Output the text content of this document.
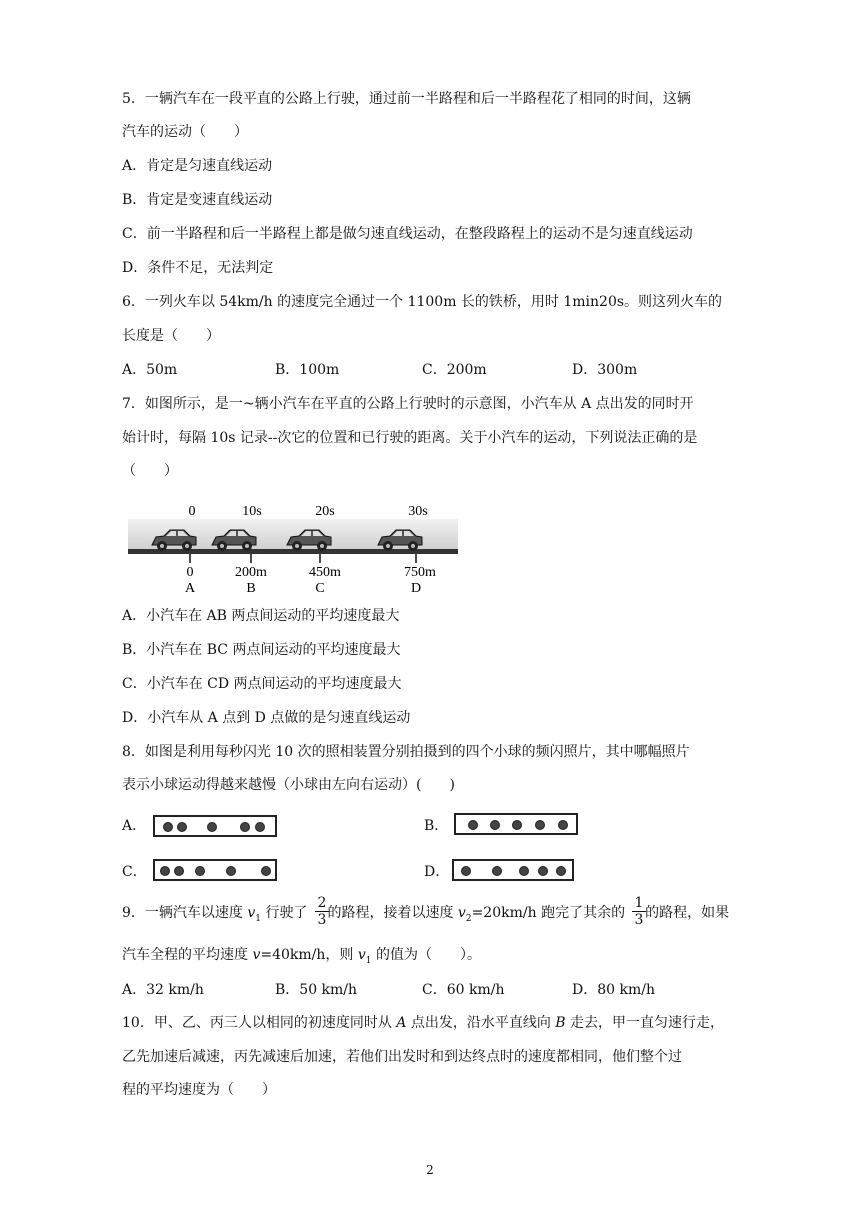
5．一辆汽车在一段平直的公路上行驶，通过前一半路程和后一半路程花了相同的时间，这辆
汽车的运动（　　）
A．肯定是匀速直线运动
B．肯定是变速直线运动
C．前一半路程和后一半路程上都是做匀速直线运动，在整段路程上的运动不是匀速直线运动
D．条件不足，无法判定
6．一列火车以 54km/h 的速度完全通过一个 1100m 长的铁桥，用时 1min20s。则这列火车的
长度是（　　）
A．50m	B．100m	C．200m	D．300m
7．如图所示，是一~辆小汽车在平直的公路上行驶时的示意图，小汽车从 A 点出发的同时开
始计时，每隔 10s 记录--次它的位置和已行驶的距离。关于小汽车的运动，下列说法正确的是
（　　）
0	10s	20s	30s
0	200m	450m	750m
A	B	C	D
A．小汽车在 AB 两点间运动的平均速度最大
B．小汽车在 BC 两点间运动的平均速度最大
C．小汽车在 CD 两点间运动的平均速度最大
D．小汽车从 A 点到 D 点做的是匀速直线运动
8．如图是利用每秒闪光 10 次的照相装置分别拍摄到的四个小球的频闪照片，其中哪幅照片
表示小球运动得越来越慢（小球由左向右运动）(　　)
A．	B．
C．	D．
9．一辆汽车以速度 $v_1$ 行驶了 的路程，接着以速度 $v_2=20km/h$ 跑完了其余的 的路程，如果
2
3
1
3
汽车全程的平均速度 v=40km/h，则 $v_1$ 的值为（　　）。
A．32 km/h	B．50 km/h	C．60 km/h	D．80 km/h
10．甲、乙、丙三人以相同的初速度同时从 A 点出发，沿水平直线向 B 走去，甲一直匀速行走，
乙先加速后减速，丙先减速后加速，若他们出发时和到达终点时的速度都相同，他们整个过
程的平均速度为（　　）
2
